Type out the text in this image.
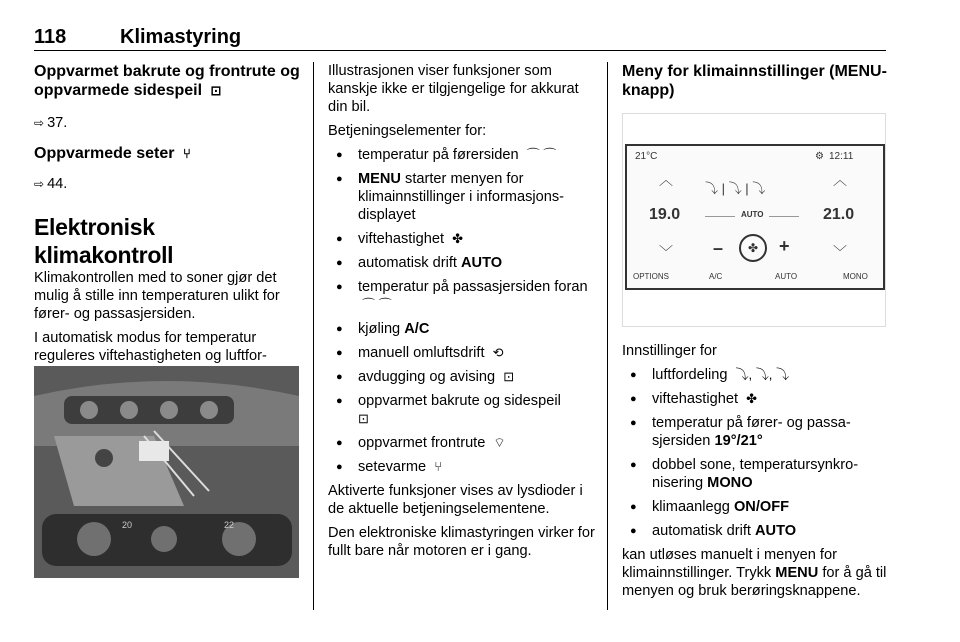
118	Klimastyring
Oppvarmet bakrute og frontrute og oppvarmede sidespeil ⊡

⇨ 37.

Oppvarmede seter ⑂

⇨ 44.

Elektronisk klimakontroll

Klimakontrollen med to soner gjør det mulig å stille inn temperaturen ulikt for fører- og passasjersiden.

I automatisk modus for temperatur reguleres viftehastigheten og luftfor

20	22

Illustrasjonen viser funksjoner som kanskje ikke er tilgjengelige for akkurat din bil.

Betjeningselementer for:

● temperatur på førersiden ⌒ ⌒
● MENU starter menyen for klimainnstillinger i informasjonsdisplayet
● viftehastighet ✤
● automatisk drift AUTO
● temperatur på passasjersiden foran ⌒ ⌒
● kjøling A/C
● manuell omluftsdrift ⟲
● avdugging og avising ⊡
● oppvarmet bakrute og sidespeil
⊡
● oppvarmet frontrute ⌔
● setevarme ⑂

Aktiverte funksjoner vises av lysdioder i de aktuelle betjeningselementene.

Den elektroniske klimastyringen virker for fullt bare når motoren er i gang.

Meny for klimainnstillinger (MENU-knapp)
21°C	⚙ 12:11
︿	︿
19.0	21.0
﹀	﹀
⤵ | ⤵ | ⤵
AUTO
–	✤	+
OPTIONS	A/C	AUTO	MONO

Innstillinger for

● luftfordeling ⤵, ⤵, ⤵
● viftehastighet ✤
● temperatur på fører- og passasjersiden 19°/21°
● dobbel sone, temperatursynkronisering MONO
● klimaanlegg ON/OFF
● automatisk drift AUTO

kan utløses manuelt i menyen for klimainnstillinger. Trykk MENU for å gå til menyen og bruk berøringsknappene.
